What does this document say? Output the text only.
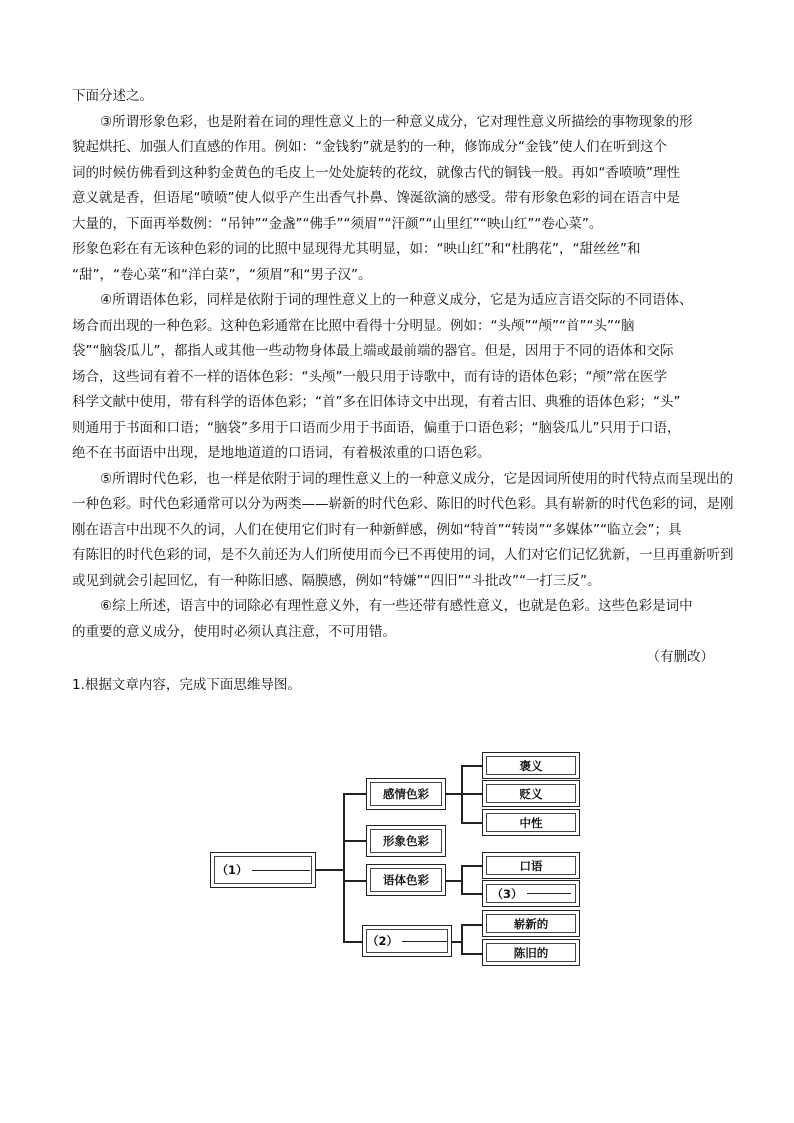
下面分述之。
③所谓形象色彩，也是附着在词的理性意义上的一种意义成分，它对理性意义所描绘的事物现象的形
貌起烘托、加强人们直感的作用。例如：“金钱豹”就是豹的一种，修饰成分“金钱”使人们在听到这个
词的时候仿佛看到这种豹金黄色的毛皮上一处处旋转的花纹，就像古代的铜钱一般。再如“香喷喷”理性
意义就是香，但语尾“喷喷”使人似乎产生出香气扑鼻、馋涎欲滴的感受。带有形象色彩的词在语言中是
大量的，下面再举数例：“吊钟”“金盏”“佛手”“须眉”“汗颜”“山里红”“映山红”“卷心菜”。
形象色彩在有无该种色彩的词的比照中显现得尤其明显，如：“映山红”和“杜鹃花”，“甜丝丝”和
“甜”，“卷心菜”和“洋白菜”，“须眉”和“男子汉”。
④所谓语体色彩，同样是依附于词的理性意义上的一种意义成分，它是为适应言语交际的不同语体、
场合而出现的一种色彩。这种色彩通常在比照中看得十分明显。例如：“头颅”“颅”“首”“头”“脑
袋”“脑袋瓜儿”，都指人或其他一些动物身体最上端或最前端的器官。但是，因用于不同的语体和交际
场合，这些词有着不一样的语体色彩：“头颅”一般只用于诗歌中，而有诗的语体色彩；“颅”常在医学
科学文献中使用，带有科学的语体色彩；“首”多在旧体诗文中出现，有着古旧、典雅的语体色彩；“头”
则通用于书面和口语；“脑袋”多用于口语而少用于书面语，偏重于口语色彩；“脑袋瓜儿”只用于口语，
绝不在书面语中出现，是地地道道的口语词，有着极浓重的口语色彩。
⑤所谓时代色彩，也一样是依附于词的理性意义上的一种意义成分，它是因词所使用的时代特点而呈现出的
一种色彩。时代色彩通常可以分为两类——崭新的时代色彩、陈旧的时代色彩。具有崭新的时代色彩的词，是刚
刚在语言中出现不久的词，人们在使用它们时有一种新鲜感，例如“特首”“转岗”“多媒体”“临立会”；具
有陈旧的时代色彩的词，是不久前还为人们所使用而今已不再使用的词，人们对它们记忆犹新，一旦再重新听到
或见到就会引起回忆，有一种陈旧感、隔膜感，例如“特嫌”“四旧”“斗批改”“一打三反”。
⑥综上所述，语言中的词除必有理性意义外，有一些还带有感性意义，也就是色彩。这些色彩是词中
的重要的意义成分，使用时必须认真注意，不可用错。
（有删改）
1.根据文章内容，完成下面思维导图。
（1）
感情色彩
形象色彩
语体色彩
（2）
褒义
贬义
中性
口语
（3）
崭新的
陈旧的
